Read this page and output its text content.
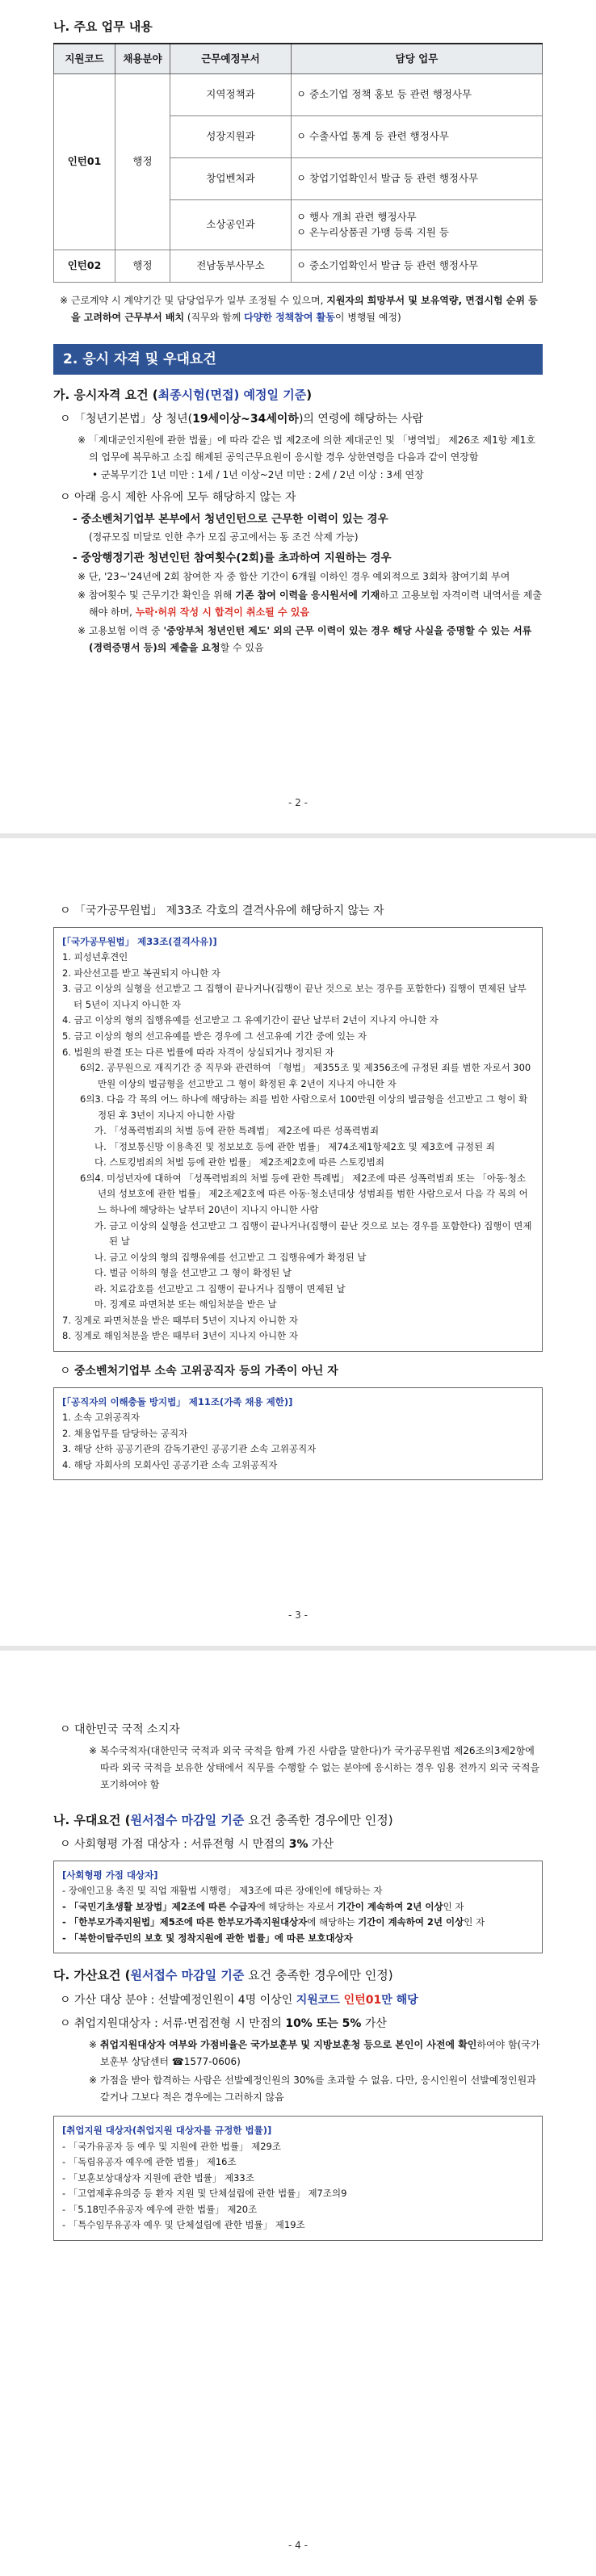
나. 주요 업무 내용
지원코드	채용분야	근무예정부서	담당 업무
인턴01	행정	지역정책과	ㅇ 중소기업 정책 홍보 등 관련 행정사무
		성장지원과	ㅇ 수출사업 통계 등 관련 행정사무
		창업벤처과	ㅇ 창업기업확인서 발급 등 관련 행정사무
		소상공인과	ㅇ 행사 개최 관련 행정사무
ㅇ 온누리상품권 가맹 등록 지원 등
인턴02	행정	전남동부사무소	ㅇ 중소기업확인서 발급 등 관련 행정사무
※ 근로계약 시 계약기간 및 담당업무가 일부 조정될 수 있으며, 지원자의 희망부서 및 보유역량, 면접시험 순위 등을 고려하여 근무부서 배치 (직무와 함께 다양한 정책참여 활동이 병행될 예정)
2. 응시 자격 및 우대요건
가. 응시자격 요건 (최종시험(면접) 예정일 기준)
ㅇ 「청년기본법」상 청년(19세이상~34세이하)의 연령에 해당하는 사람
※ 「제대군인지원에 관한 법률」에 따라 같은 법 제2조에 의한 제대군인 및 「병역법」 제26조 제1항 제1호의 업무에 복무하고 소집 해제된 공익근무요원이 응시할 경우 상한연령을 다음과 같이 연장함
• 군복무기간 1년 미만 : 1세 / 1년 이상~2년 미만 : 2세 / 2년 이상 : 3세 연장
ㅇ 아래 응시 제한 사유에 모두 해당하지 않는 자
- 중소벤처기업부 본부에서 청년인턴으로 근무한 이력이 있는 경우
(정규모집 미달로 인한 추가 모집 공고에서는 동 조건 삭제 가능)
- 중앙행정기관 청년인턴 참여횟수(2회)를 초과하여 지원하는 경우
※ 단, '23~'24년에 2회 참여한 자 중 합산 기간이 6개월 이하인 경우 예외적으로 3회차 참여기회 부여
※ 참여횟수 및 근무기간 확인을 위해 기존 참여 이력을 응시원서에 기재하고 고용보험 자격이력 내역서를 제출해야 하며, 누락·허위 작성 시 합격이 취소될 수 있음
※ 고용보험 이력 중 '중앙부처 청년인턴 제도' 외의 근무 이력이 있는 경우 해당 사실을 증명할 수 있는 서류(경력증명서 등)의 제출을 요청할 수 있음
- 2 -
ㅇ 「국가공무원법」 제33조 각호의 결격사유에 해당하지 않는 자
[「국가공무원법」 제33조(결격사유)]
1. 피성년후견인
2. 파산선고를 받고 복권되지 아니한 자
3. 금고 이상의 실형을 선고받고 그 집행이 끝나거나(집행이 끝난 것으로 보는 경우를 포함한다) 집행이 면제된 날부터 5년이 지나지 아니한 자
4. 금고 이상의 형의 집행유예를 선고받고 그 유예기간이 끝난 날부터 2년이 지나지 아니한 자
5. 금고 이상의 형의 선고유예를 받은 경우에 그 선고유예 기간 중에 있는 자
6. 법원의 판결 또는 다른 법률에 따라 자격이 상실되거나 정지된 자
6의2. 공무원으로 재직기간 중 직무와 관련하여 「형법」 제355조 및 제356조에 규정된 죄를 범한 자로서 300만원 이상의 벌금형을 선고받고 그 형이 확정된 후 2년이 지나지 아니한 자
6의3. 다음 각 목의 어느 하나에 해당하는 죄를 범한 사람으로서 100만원 이상의 벌금형을 선고받고 그 형이 확정된 후 3년이 지나지 아니한 사람
가. 「성폭력범죄의 처벌 등에 관한 특례법」 제2조에 따른 성폭력범죄
나. 「정보통신망 이용촉진 및 정보보호 등에 관한 법률」 제74조제1항제2호 및 제3호에 규정된 죄
다. 스토킹범죄의 처벌 등에 관한 법률」 제2조제2호에 따른 스토킹범죄
6의4. 미성년자에 대하여 「성폭력범죄의 처벌 등에 관한 특례법」 제2조에 따른 성폭력범죄 또는 「아동·청소년의 성보호에 관한 법률」 제2조제2호에 따른 아동·청소년대상 성범죄를 범한 사람으로서 다음 각 목의 어느 하나에 해당하는 날부터 20년이 지나지 아니한 사람
가. 금고 이상의 실형을 선고받고 그 집행이 끝나거나(집행이 끝난 것으로 보는 경우를 포함한다) 집행이 면제된 날
나. 금고 이상의 형의 집행유예를 선고받고 그 집행유예가 확정된 날
다. 벌금 이하의 형을 선고받고 그 형이 확정된 날
라. 치료감호를 선고받고 그 집행이 끝나거나 집행이 면제된 날
마. 징계로 파면처분 또는 해임처분을 받은 날
7. 징계로 파면처분을 받은 때부터 5년이 지나지 아니한 자
8. 징계로 해임처분을 받은 때부터 3년이 지나지 아니한 자
ㅇ 중소벤처기업부 소속 고위공직자 등의 가족이 아닌 자
[「공직자의 이해충돌 방지법」 제11조(가족 채용 제한)]
1. 소속 고위공직자
2. 채용업무를 담당하는 공직자
3. 해당 산하 공공기관의 감독기관인 공공기관 소속 고위공직자
4. 해당 자회사의 모회사인 공공기관 소속 고위공직자
- 3 -
ㅇ 대한민국 국적 소지자
※ 복수국적자(대한민국 국적과 외국 국적을 함께 가진 사람을 말한다)가 국가공무원법 제26조의3제2항에 따라 외국 국적을 보유한 상태에서 직무를 수행할 수 없는 분야에 응시하는 경우 임용 전까지 외국 국적을 포기하여야 함
나. 우대요건 (원서접수 마감일 기준 요건 충족한 경우에만 인정)
ㅇ 사회형평 가점 대상자 : 서류전형 시 만점의 3% 가산
[사회형평 가점 대상자]
- 장애인고용 촉진 및 직업 재활법 시행령」 제3조에 따른 장애인에 해당하는 자
- 「국민기초생활 보장법」제2조에 따른 수급자에 해당하는 자로서 기간이 계속하여 2년 이상인 자
- 「한부모가족지원법」제5조에 따른 한부모가족지원대상자에 해당하는 기간이 계속하여 2년 이상인 자
- 「북한이탈주민의 보호 및 정착지원에 관한 법률」에 따른 보호대상자
다. 가산요건 (원서접수 마감일 기준 요건 충족한 경우에만 인정)
ㅇ 가산 대상 분야 : 선발예정인원이 4명 이상인 지원코드 인턴01만 해당
ㅇ 취업지원대상자 : 서류·면접전형 시 만점의 10% 또는 5% 가산
※ 취업지원대상자 여부와 가점비율은 국가보훈부 및 지방보훈청 등으로 본인이 사전에 확인하여야 함(국가보훈부 상담센터 ☎1577-0606)
※ 가점을 받아 합격하는 사람은 선발예정인원의 30%를 초과할 수 없음. 다만, 응시인원이 선발예정인원과 같거나 그보다 적은 경우에는 그러하지 않음
[취업지원 대상자(취업지원 대상자를 규정한 법률)]
- 「국가유공자 등 예우 및 지원에 관한 법률」 제29조
- 「독립유공자 예우에 관한 법률」 제16조
- 「보훈보상대상자 지원에 관한 법률」 제33조
- 「고엽제후유의증 등 환자 지원 및 단체설립에 관한 법률」 제7조의9
- 「5.18민주유공자 예우에 관한 법률」 제20조
- 「특수임무유공자 예우 및 단체설립에 관한 법률」 제19조
- 4 -
